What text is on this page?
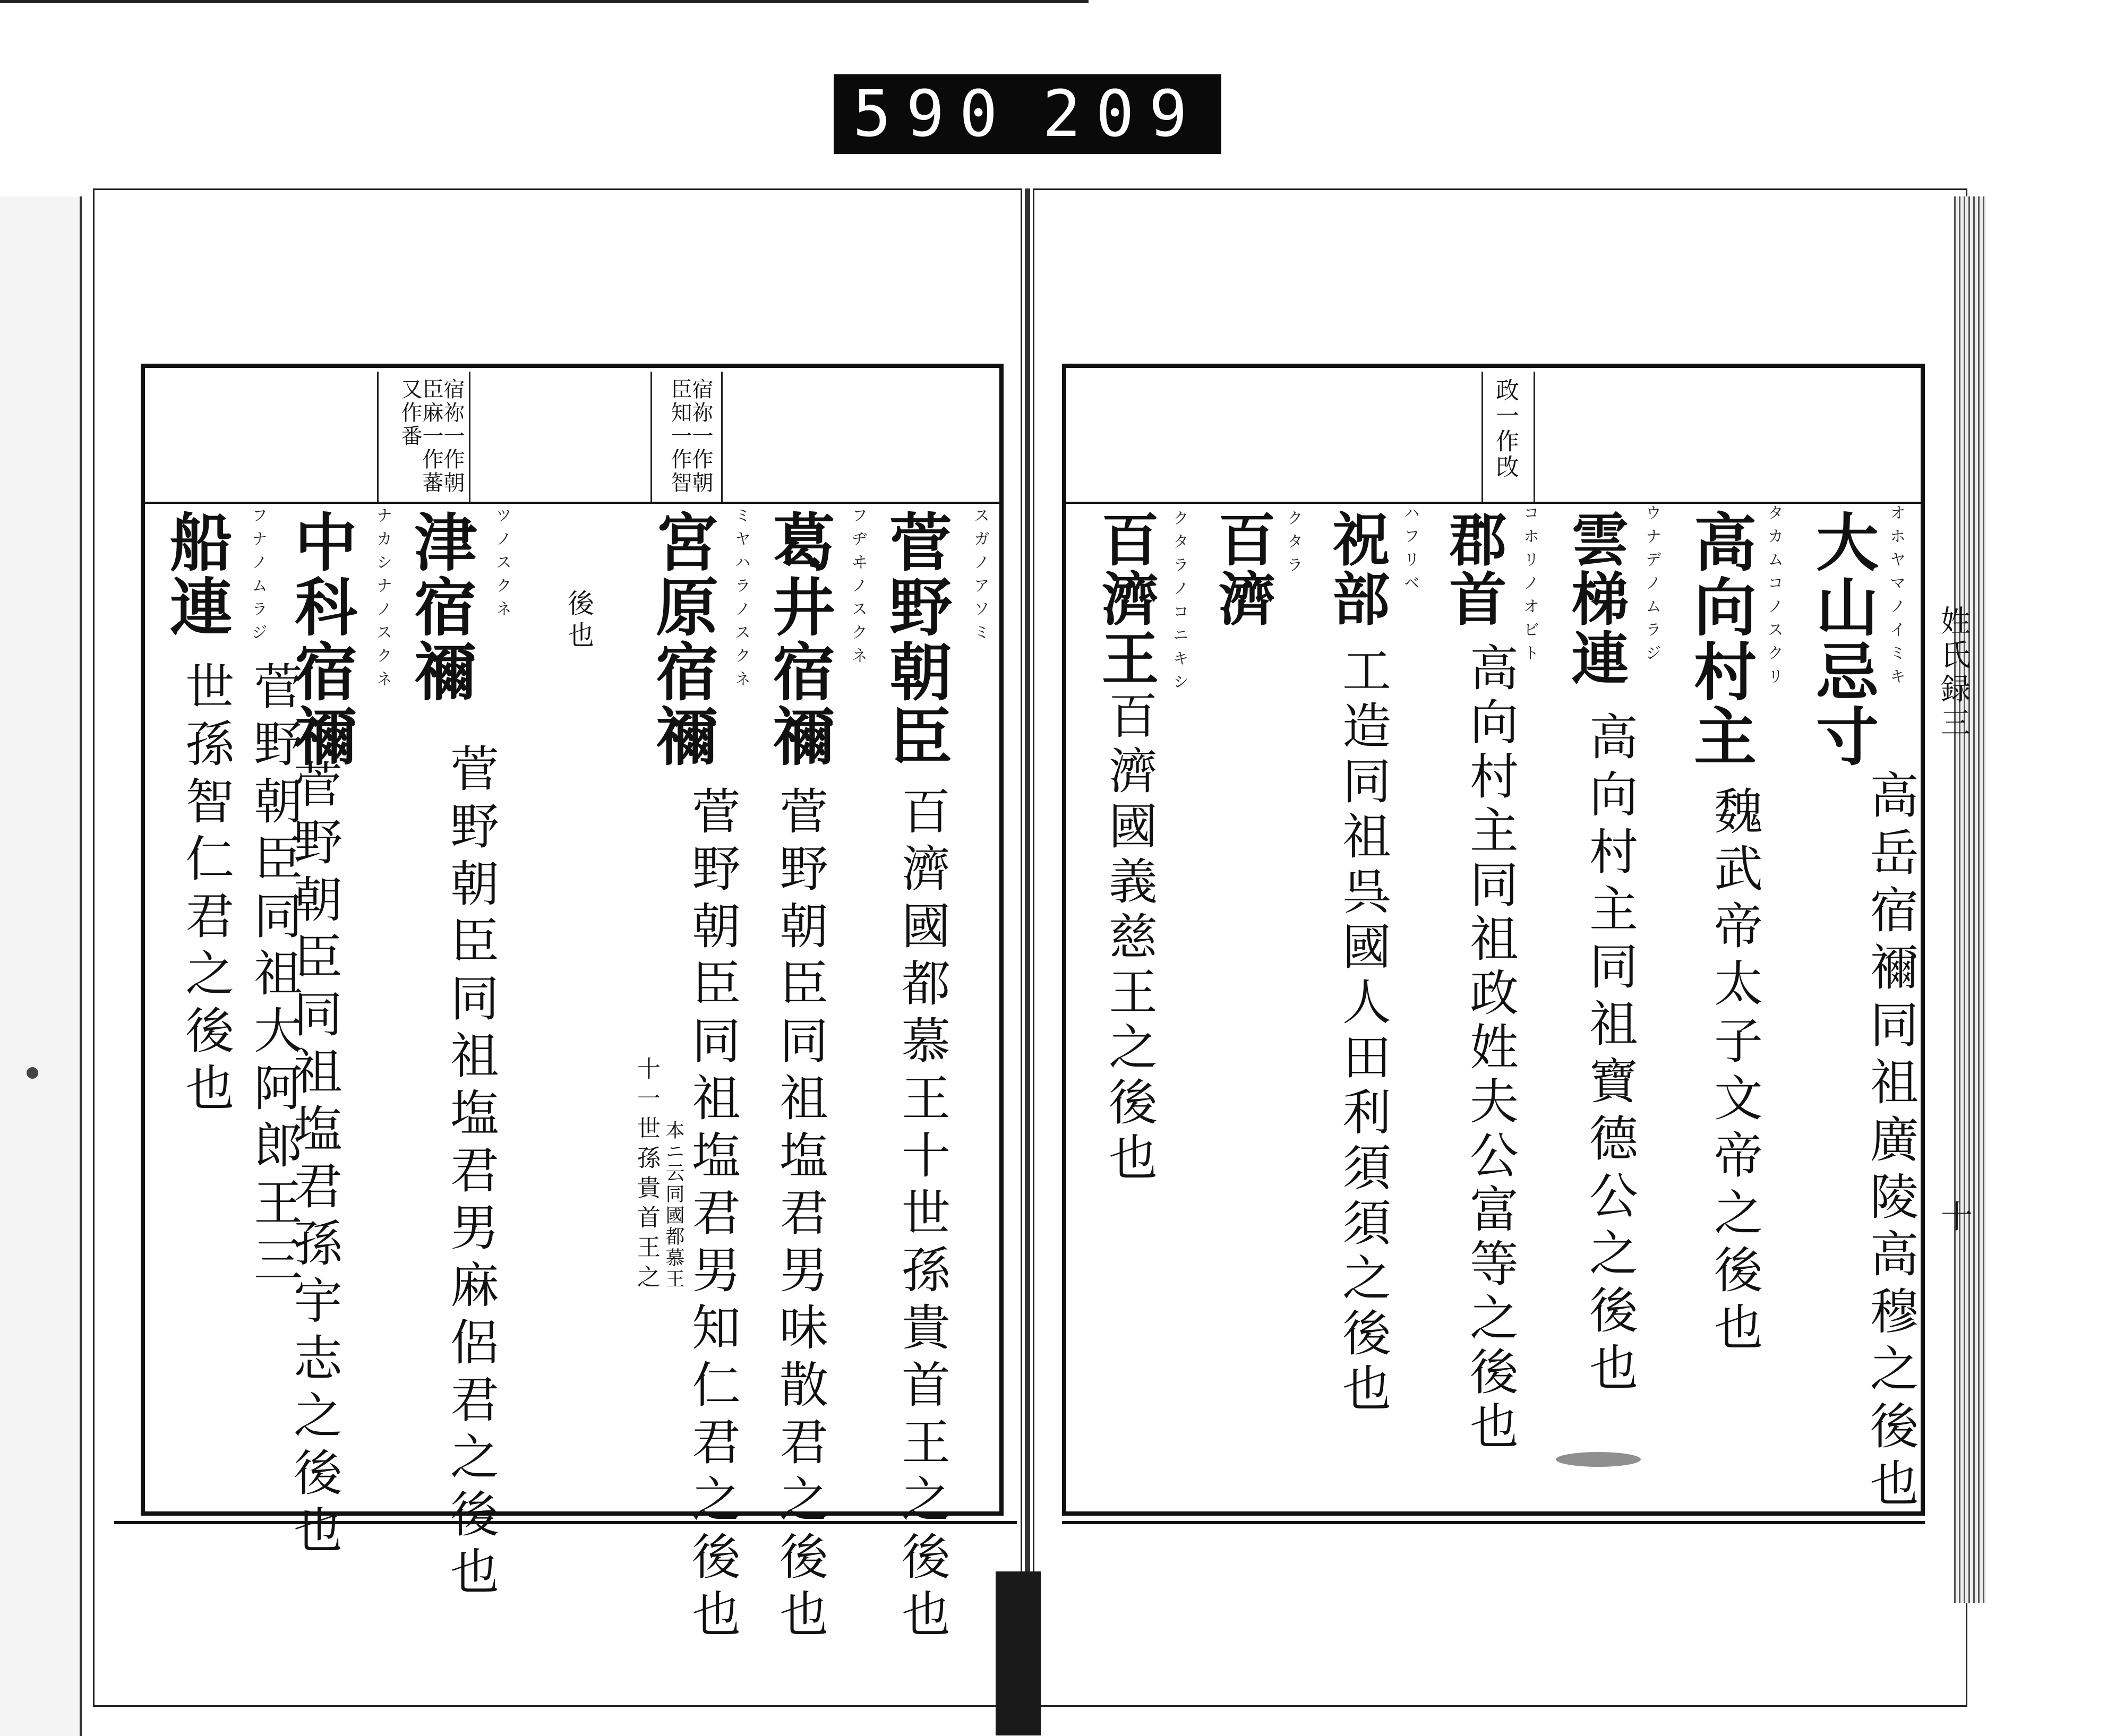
590 209
政一作攺
姓氏録三
十
オホヤマノイミキ
大山忌寸
高岳宿禰同祖廣陵高穆之後也
タカムコノスクリ
高向村主
魏武帝太子文帝之後也
ウナデノムラジ
雲梯連
高向村主同祖寶德公之後也
コホリノオビト
郡首
高向村主同祖政姓夫公富等之後也
ハフリベ
祝部
工造同祖呉國人田利須須之後也
クタラ
百濟
クタラノコニキシ
百濟王
百濟國義慈王之後也
宿祢一作朝臣知一作智
宿祢一作朝臣麻一作蕃又作番
スガノアソミ
菅野朝臣
百濟國都慕王十世孫貴首王之後也
フヂヰノスクネ
葛井宿禰
菅野朝臣同祖塩君男味散君之後也
ミヤハラノスクネ
宮原宿禰
菅野朝臣同祖塩君男知仁君之後也
十一世孫貴首王之 本ニ云同國都慕王
後也
ツノスクネ
津宿禰
菅野朝臣同祖塩君男麻侶君之後也
ナカシナノスクネ
中科宿禰
菅野朝臣同祖塩君孫宇志之後也
フナノムラジ
船連
菅野朝臣同祖大阿郎王三世孫智仁君之後也
